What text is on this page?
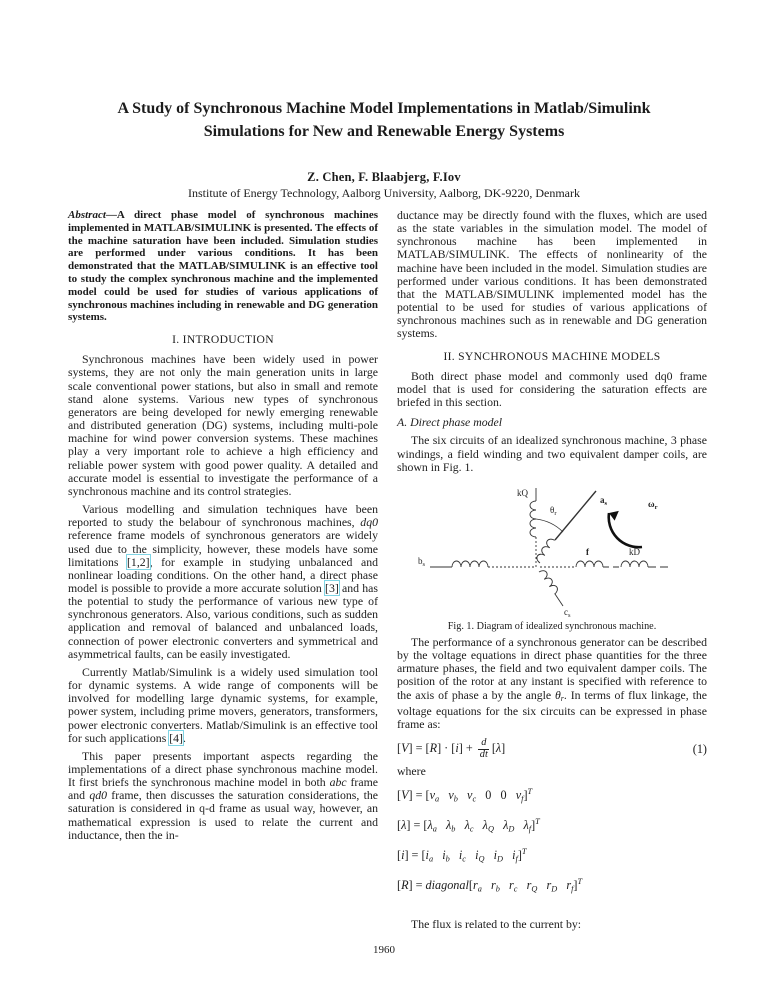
A Study of Synchronous Machine Model Implementations in Matlab/Simulink
Simulations for New and Renewable Energy Systems
Z. Chen, F. Blaabjerg, F.Iov
Institute of Energy Technology, Aalborg University, Aalborg, DK-9220, Denmark

Abstract—A direct phase model of synchronous machines implemented in MATLAB/SIMULINK is presented. The effects of the machine saturation have been included. Simulation studies are performed under various conditions. It has been demonstrated that the MATLAB/SIMULINK is an effective tool to study the complex synchronous machine and the implemented model could be used for studies of various applications of synchronous machines including in renewable and DG generation systems.

I. INTRODUCTION

Synchronous machines have been widely used in power systems, they are not only the main generation units in large scale conventional power stations, but also in small and remote stand alone systems. Various new types of synchronous generators are being developed for newly emerging renewable and distributed generation (DG) systems, including multi-pole machine for wind power conversion systems. These machines play a very important role to achieve a high efficiency and reliable power system with good power quality. A detailed and accurate model is essential to investigate the performance of a synchronous machine and its control strategies.

Various modelling and simulation techniques have been reported to study the belabour of synchronous machines, dq0 reference frame models of synchronous generators are widely used due to the simplicity, however, these models have some limitations [1,2], for example in studying unbalanced and nonlinear loading conditions. On the other hand, a direct phase model is possible to provide a more accurate solution [3] and has the potential to study the performance of various new type of synchronous generators. Also, various conditions, such as sudden application and removal of balanced and unbalanced loads, connection of power electronic converters and symmetrical and asymmetrical faults, can be easily investigated.

Currently Matlab/Simulink is a widely used simulation tool for dynamic systems. A wide range of components will be involved for modelling large dynamic systems, for example, power system, including prime movers, generators, transformers, power electronic converters. Matlab/Simulink is an effective tool for such applications [4].

This paper presents important aspects regarding the implementations of a direct phase synchronous machine model. It first briefs the synchronous machine model in both abc frame and qd0 frame, then discusses the saturation considerations, the saturation is considered in q-d frame as usual way, however, an mathematical expression is used to relate the current and inductance, then the in-

ductance may be directly found with the fluxes, which are used as the state variables in the simulation model. The model of synchronous machine has been implemented in MATLAB/SIMULINK. The effects of nonlinearity of the machine have been included in the model. Simulation studies are performed under various conditions. It has been demonstrated that the MATLAB/SIMULINK implemented model has the potential to be used for studies of various applications of synchronous machines such as in renewable and DG generation systems.

II. SYNCHRONOUS MACHINE MODELS

Both direct phase model and commonly used dq0 frame model that is used for considering the saturation effects are briefed in this section.

A. Direct phase model

The six circuits of an idealized synchronous machine, 3 phase windings, a field winding and two equivalent damper coils, are shown in Fig. 1.

kQ
$\theta_r$
$a_s$	$\omega_r$
f	kD
$b_s$
$c_s$
Fig. 1. Diagram of idealized synchronous machine.

The performance of a synchronous generator can be described by the voltage equations in direct phase quantities for the three armature phases, the field and two equivalent damper coils. The position of the rotor at any instant is specified with reference to the axis of phase a by the angle $\theta_r$. In terms of flux linkage, the voltage equations for the six circuits can be expressed in phase frame as:

$[V] = [R] \cdot [i] + \frac{d}{dt} [\lambda]$	(1)

where

$[V] = [v_a$ $v_b$ $v_c$   0   0   $v_f]^T$

$[\lambda] = [\lambda_a$ $\lambda_b$ $\lambda_c$ $\lambda_Q$ $\lambda_D$ $\lambda_f]^T$

$[i] = [i_a$ $i_b$ $i_c$ $i_Q$ $i_D$ $i_f]^T$

$[R] = diagonal[r_a$ $r_b$ $r_c$ $r_Q$ $r_D$ $r_f]^T$

The flux is related to the current by:

1960
